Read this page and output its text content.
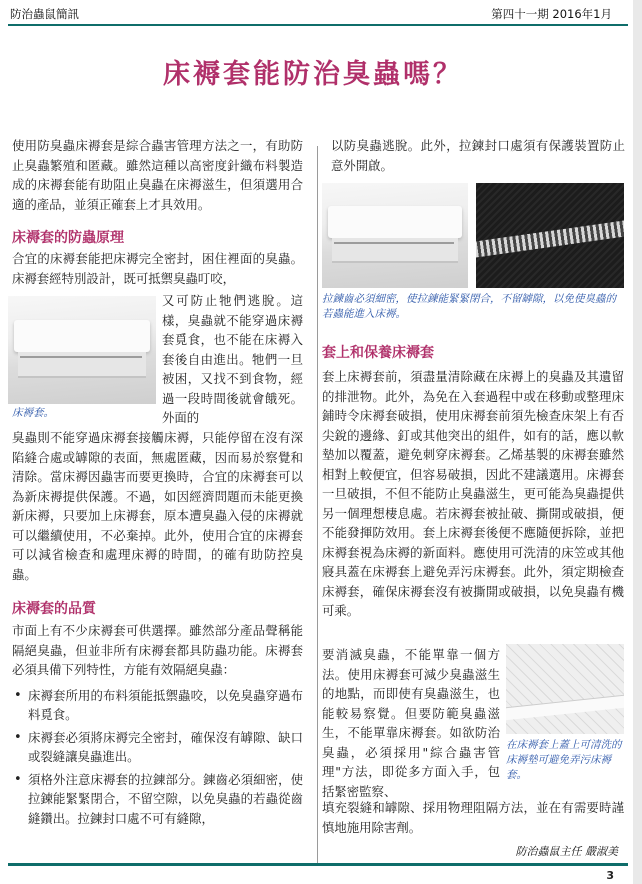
防治蟲鼠簡訊	第四十一期 2016年1月
床褥套能防治臭蟲嗎？

使用防臭蟲床褥套是綜合蟲害管理方法之一，有助防止臭蟲繁殖和匿藏。雖然這種以高密度針織布料製造成的床褥套能有助阻止臭蟲在床褥滋生，但須選用合適的產品，並須正確套上才具效用。

床褥套的防蟲原理

合宜的床褥套能把床褥完全密封，困住裡面的臭蟲。床褥套經特別設計，既可抵禦臭蟲叮咬，

床褥套。

又可防止牠們逃脫。這樣，臭蟲就不能穿過床褥套覓食，也不能在床褥入套後自由進出。牠們一旦被困，又找不到食物，經過一段時間後就會餓死。外面的

臭蟲則不能穿過床褥套接觸床褥，只能停留在沒有深陷縫合處或罅隙的表面，無處匿藏，因而易於察覺和清除。當床褥因蟲害而要更換時，合宜的床褥套可以為新床褥提供保護。不過，如因經濟問題而未能更換新床褥，只要加上床褥套，原本遭臭蟲入侵的床褥就可以繼續使用，不必棄掉。此外，使用合宜的床褥套可以減省檢查和處理床褥的時間，的確有助防控臭蟲。

床褥套的品質

市面上有不少床褥套可供選擇。雖然部分產品聲稱能隔絕臭蟲，但並非所有床褥套都具防蟲功能。床褥套必須具備下列特性，方能有效隔絕臭蟲：

• 床褥套所用的布料須能抵禦蟲咬，以免臭蟲穿過布料覓食。
• 床褥套必須將床褥完全密封，確保沒有罅隙、缺口或裂縫讓臭蟲進出。
• 須格外注意床褥套的拉鍊部分。鍊齒必須細密，使拉鍊能緊緊閉合，不留空隙，以免臭蟲的若蟲從齒縫鑽出。拉鍊封口處不可有縫隙，

以防臭蟲逃脫。此外，拉鍊封口處須有保護裝置防止意外開啟。

拉鍊齒必須細密，使拉鍊能緊緊閉合，不留罅隙，以免使臭蟲的若蟲能進入床褥。
套上和保養床褥套

套上床褥套前，須盡量清除藏在床褥上的臭蟲及其遺留的排泄物。此外，為免在入套過程中或在移動或整理床鋪時令床褥套破損，使用床褥套前須先檢查床架上有否尖銳的邊緣、釘或其他突出的組件，如有的話，應以軟墊加以覆蓋，避免刺穿床褥套。乙烯基製的床褥套雖然相對上較便宜，但容易破損，因此不建議選用。床褥套一旦破損，不但不能防止臭蟲滋生，更可能為臭蟲提供另一個理想棲息處。若床褥套被扯破、撕開或破損，便不能發揮防效用。套上床褥套後便不應隨便拆除，並把床褥套視為床褥的新面料。應使用可洗清的床笠或其他寢具蓋在床褥套上避免弄污床褥套。此外，須定期檢查床褥套，確保床褥套沒有被撕開或破損，以免臭蟲有機可乘。

要消滅臭蟲，不能單靠一個方法。使用床褥套可減少臭蟲滋生的地點，而即使有臭蟲滋生，也能較易察覺。但要防範臭蟲滋生，不能單靠床褥套。如欲防治臭蟲，必須採用"綜合蟲害管理"方法，即從多方面入手，包括緊密監察、

在床褥套上蓋上可清洗的床褥墊可避免弄污床褥套。

填充裂縫和罅隙、採用物理阻隔方法，並在有需要時謹慎地施用除害劑。

防治蟲鼠主任 嚴淑美
3
